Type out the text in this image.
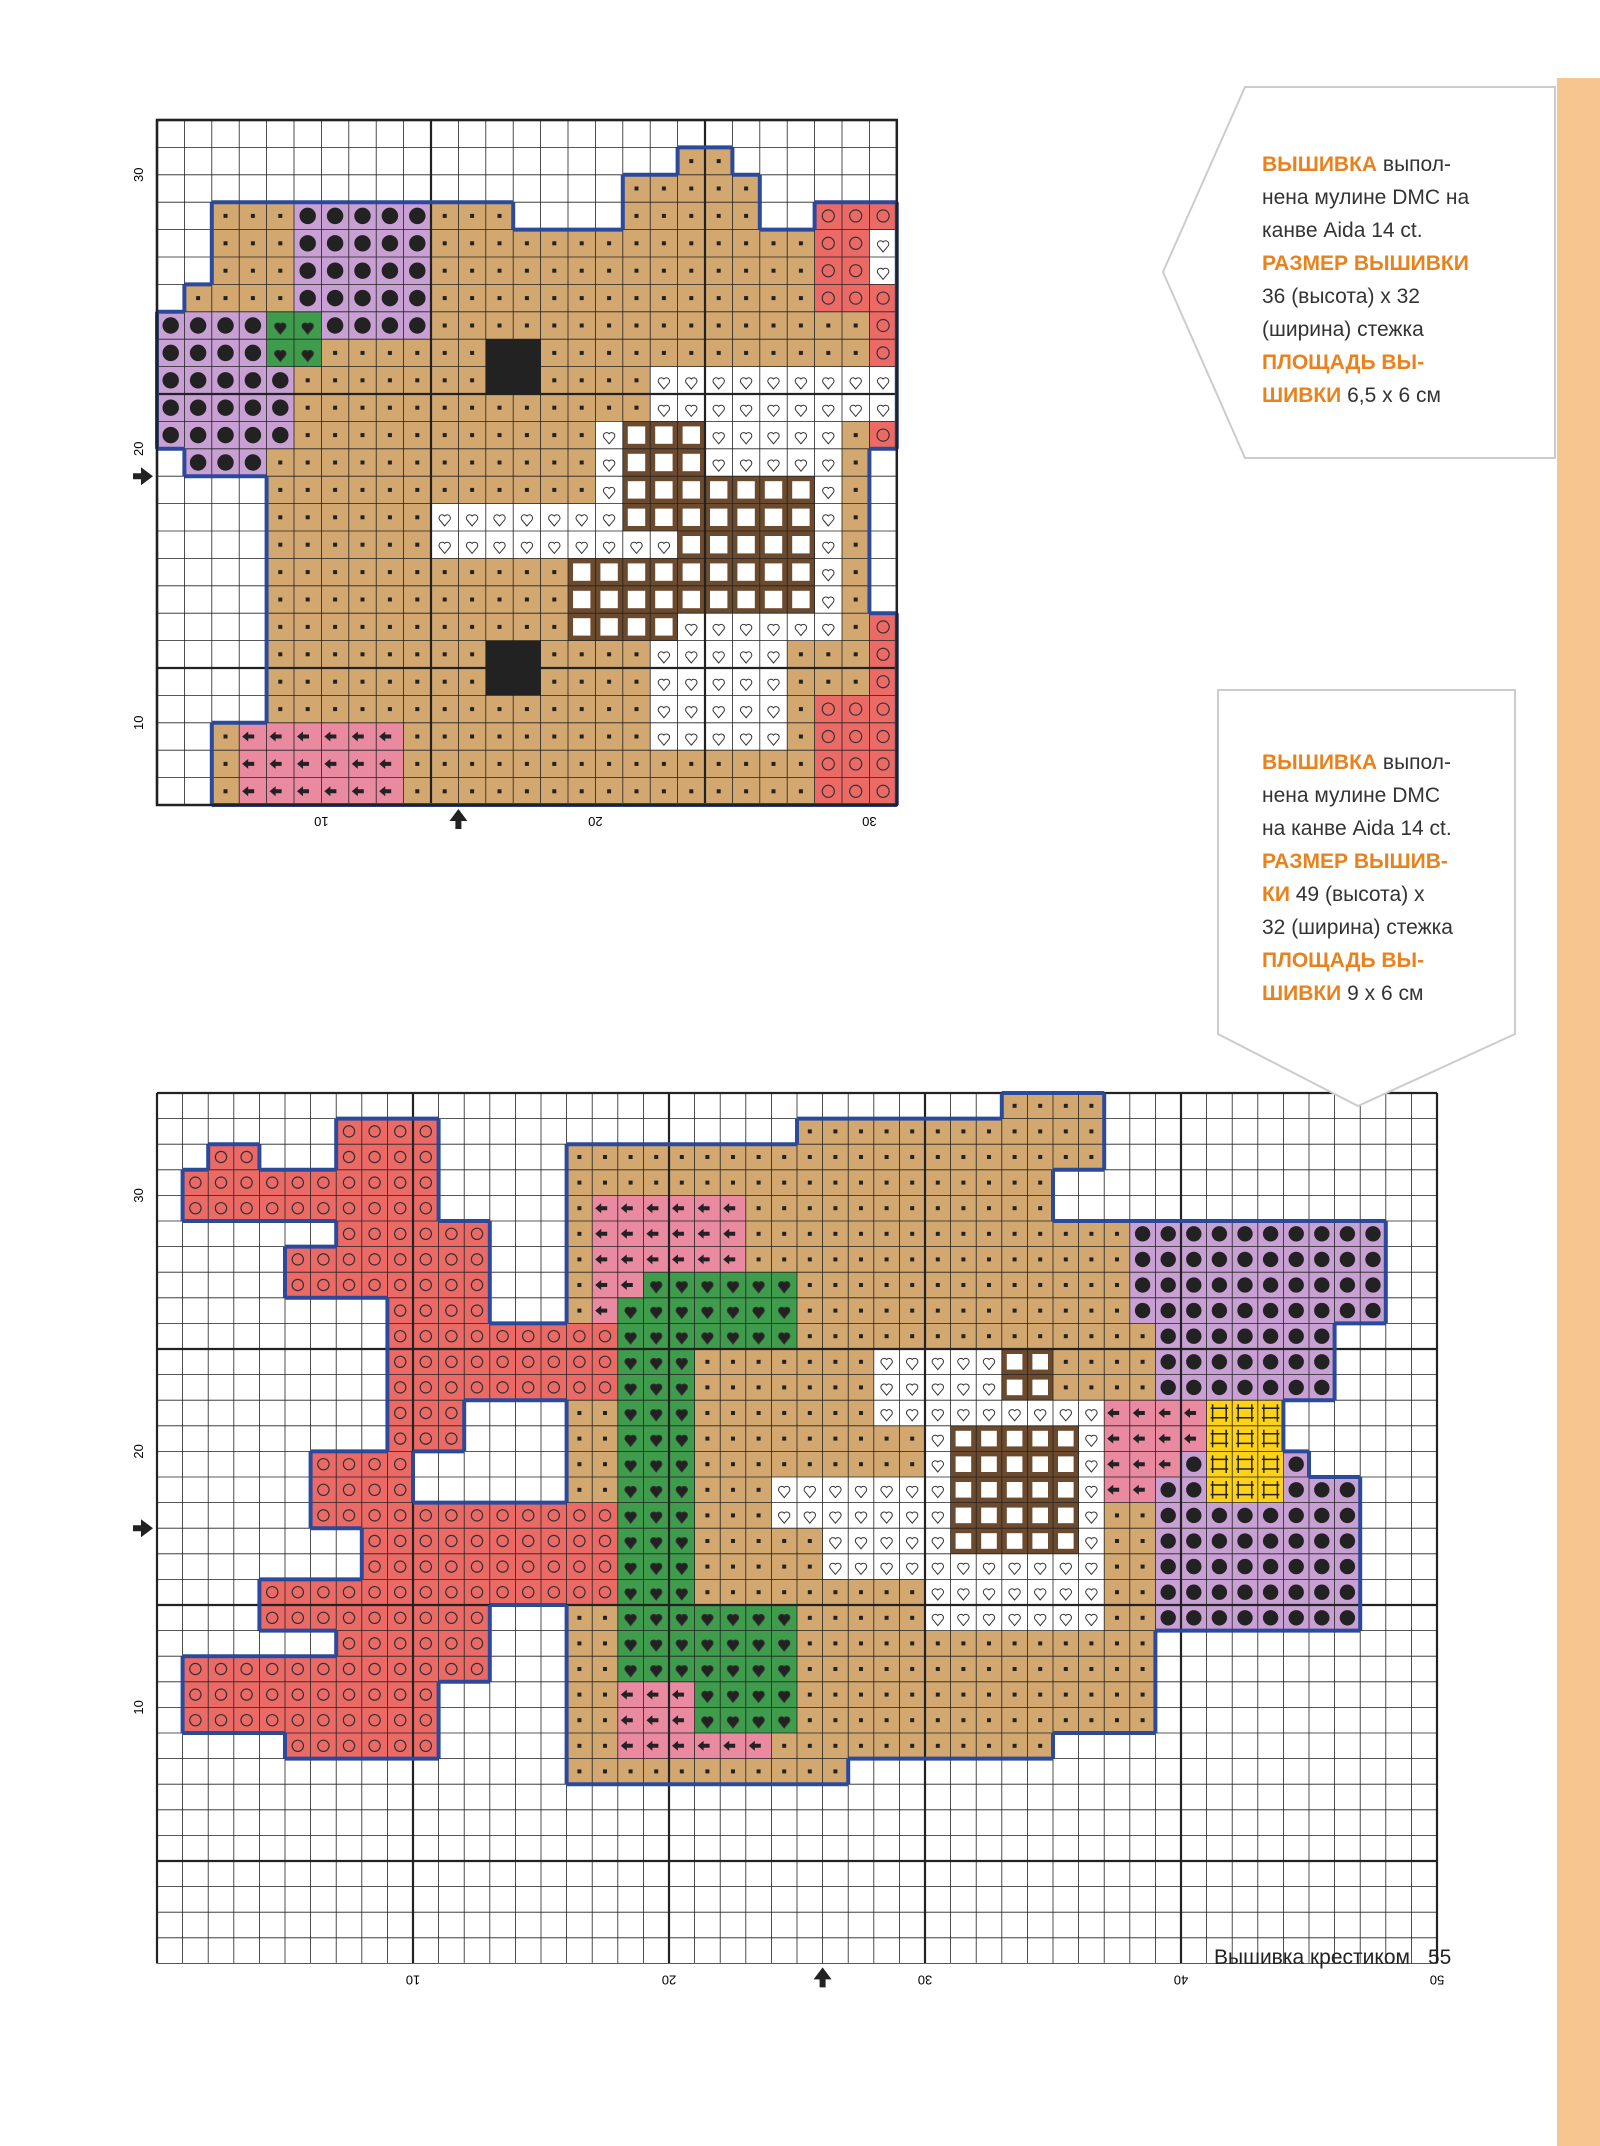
10	20	30
30
20
10
10	20	30	40	50
30
20
10
ВЫШИВКА выпол-
нена мулине DMC на
канве Aida 14 ct.
РАЗМЕР ВЫШИВКИ
36 (высота) х 32
(ширина) стежка
ПЛОЩАДЬ ВЫ-
ШИВКИ 6,5 х 6 см
ВЫШИВКА выпол-
нена мулине DMC
на канве Aida 14 ct.
РАЗМЕР ВЫШИВ-
КИ 49 (высота) х
32 (ширина) стежка
ПЛОЩАДЬ ВЫ-
ШИВКИ 9 х 6 см
Вышивка крестиком 55
